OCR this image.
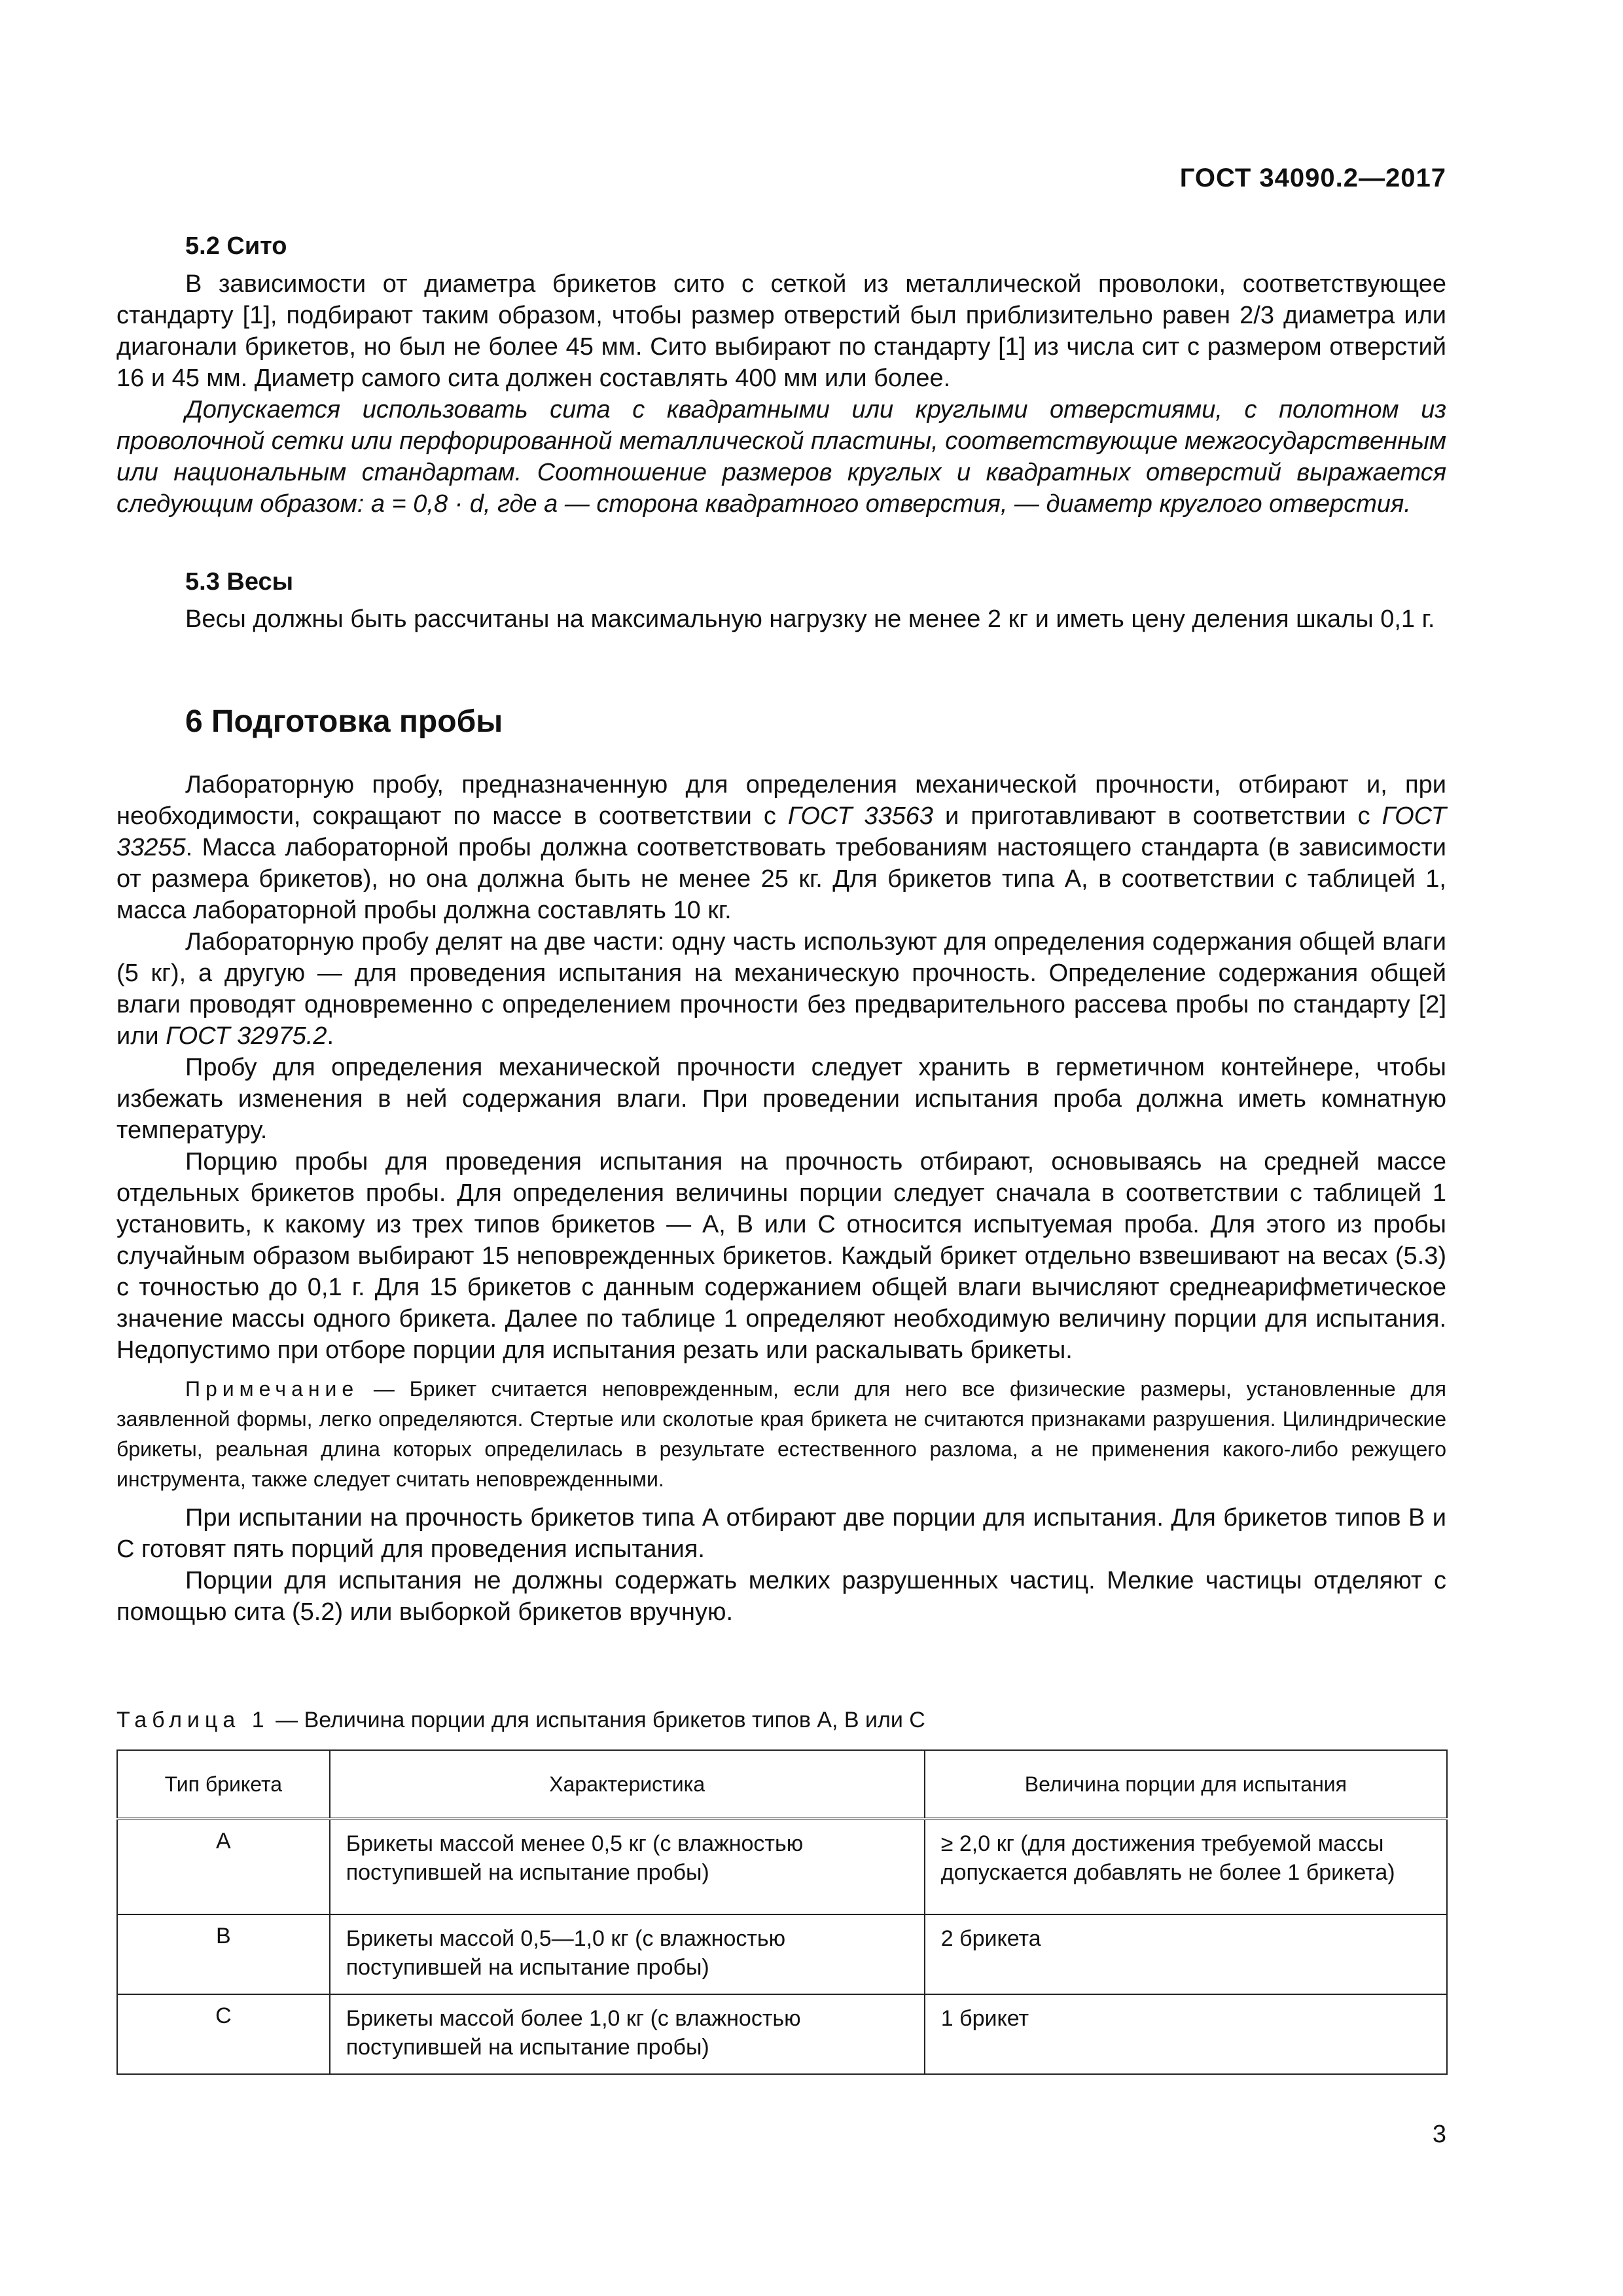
ГОСТ 34090.2—2017
5.2 Сито

В зависимости от диаметра брикетов сито с сеткой из металлической проволоки, соответствующее стандарту [1], подбирают таким образом, чтобы размер отверстий был приблизительно равен 2/3 диаметра или диагонали брикетов, но был не более 45 мм. Сито выбирают по стандарту [1] из числа сит с размером отверстий 16 и 45 мм. Диаметр самого сита должен составлять 400 мм или более.

Допускается использовать сита с квадратными или круглыми отверстиями, с полотном из проволочной сетки или перфорированной металлической пластины, соответствующие межгосударственным или национальным стандартам. Соотношение размеров круглых и квадратных отверстий выражается следующим образом: a = 0,8 · d, где a — сторона квадратного отверстия, — диаметр круглого отверстия.

5.3 Весы

Весы должны быть рассчитаны на максимальную нагрузку не менее 2 кг и иметь цену деления шкалы 0,1 г.

6 Подготовка пробы

Лабораторную пробу, предназначенную для определения механической прочности, отбирают и, при необходимости, сокращают по массе в соответствии с ГОСТ 33563 и приготавливают в соответствии с ГОСТ 33255. Масса лабораторной пробы должна соответствовать требованиям настоящего стандарта (в зависимости от размера брикетов), но она должна быть не менее 25 кг. Для брикетов типа А, в соответствии с таблицей 1, масса лабораторной пробы должна составлять 10 кг.

Лабораторную пробу делят на две части: одну часть используют для определения содержания общей влаги (5 кг), а другую — для проведения испытания на механическую прочность. Определение содержания общей влаги проводят одновременно с определением прочности без предварительного рассева пробы по стандарту [2] или ГОСТ 32975.2.

Пробу для определения механической прочности следует хранить в герметичном контейнере, чтобы избежать изменения в ней содержания влаги. При проведении испытания проба должна иметь комнатную температуру.

Порцию пробы для проведения испытания на прочность отбирают, основываясь на средней массе отдельных брикетов пробы. Для определения величины порции следует сначала в соответствии с таблицей 1 установить, к какому из трех типов брикетов — А, В или С относится испытуемая проба. Для этого из пробы случайным образом выбирают 15 неповрежденных брикетов. Каждый брикет отдельно взвешивают на весах (5.3) с точностью до 0,1 г. Для 15 брикетов с данным содержанием общей влаги вычисляют среднеарифметическое значение массы одного брикета. Далее по таблице 1 определяют необходимую величину порции для испытания. Недопустимо при отборе порции для испытания резать или раскалывать брикеты.

Примечание — Брикет считается неповрежденным, если для него все физические размеры, установленные для заявленной формы, легко определяются. Стертые или сколотые края брикета не считаются признаками разрушения. Цилиндрические брикеты, реальная длина которых определилась в результате естественного разлома, а не применения какого-либо режущего инструмента, также следует считать неповрежденными.

При испытании на прочность брикетов типа А отбирают две порции для испытания. Для брикетов типов В и С готовят пять порций для проведения испытания.

Порции для испытания не должны содержать мелких разрушенных частиц. Мелкие частицы отделяют с помощью сита (5.2) или выборкой брикетов вручную.

Таблица 1 — Величина порции для испытания брикетов типов А, В или С
Тип брикета	Характеристика	Величина порции для испытания
А	Брикеты массой менее 0,5 кг (с влажностью поступившей на испытание пробы)	≥ 2,0 кг (для достижения требуемой массы допускается добавлять не более 1 брикета)
В	Брикеты массой 0,5—1,0 кг (с влажностью поступившей на испытание пробы)	2 брикета
С	Брикеты массой более 1,0 кг (с влажностью поступившей на испытание пробы)	1 брикет
3
